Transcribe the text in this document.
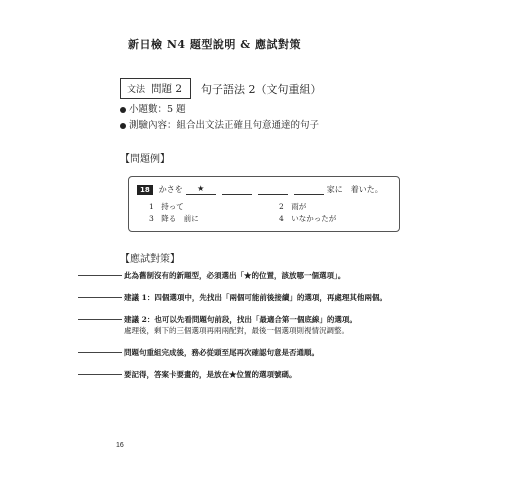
新日檢 N4 題型說明 & 應試對策
文法 問題 2 句子語法 2（文句重組）
小題數：5 題
測驗內容：組合出文法正確且句意通達的句子
【問題例】
18	かさを	★	家に　着いた。
1　持って	2　雨が
3　降る　前に	4　いなかったが
【應試對策】
此為舊制沒有的新題型，必須選出「★的位置，該放哪一個選項」。
建議 1：四個選項中，先找出「兩個可能前後接續」的選項，再處理其他兩個。
建議 2：也可以先看問題句前段，找出「最適合第一個底線」的選項。
處理後，剩下的三個選項再兩兩配對，最後一個選項則視情況調整。
問題句重組完成後，務必從頭至尾再次確認句意是否通順。
要記得，答案卡要畫的，是放在★位置的選項號碼。
16
